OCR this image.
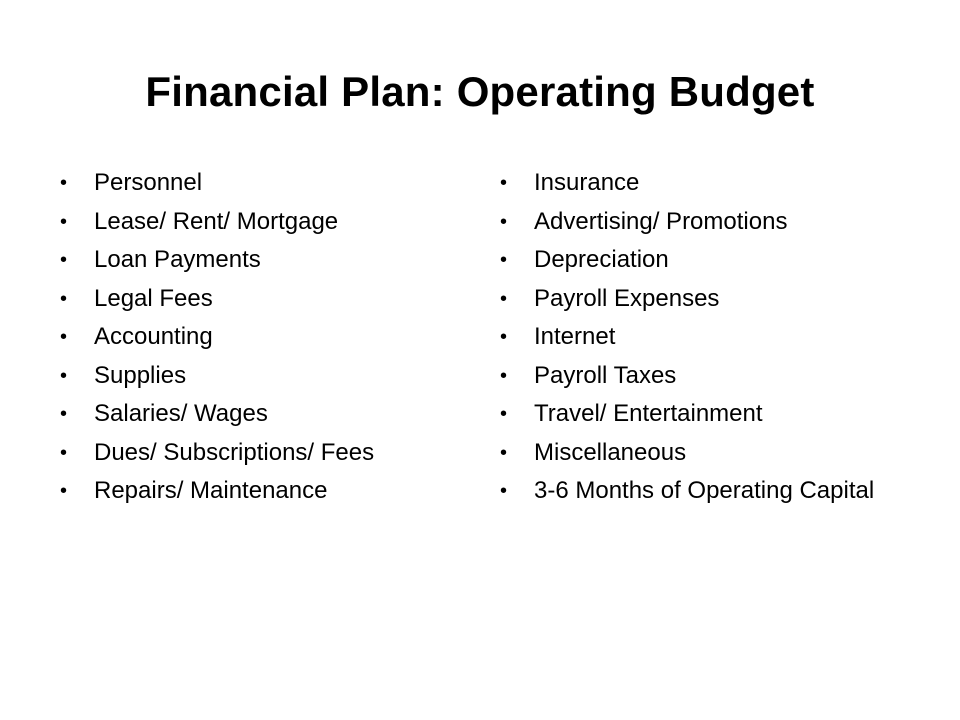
Financial Plan: Operating Budget
•	Personnel
•	Lease/ Rent/ Mortgage
•	Loan Payments
•	Legal Fees
•	Accounting
•	Supplies
•	Salaries/ Wages
•	Dues/ Subscriptions/ Fees
•	Repairs/ Maintenance
•	Insurance
•	Advertising/ Promotions
•	Depreciation
•	Payroll Expenses
•	Internet
•	Payroll Taxes
•	Travel/ Entertainment
•	Miscellaneous
•	3-6 Months of Operating Capital
